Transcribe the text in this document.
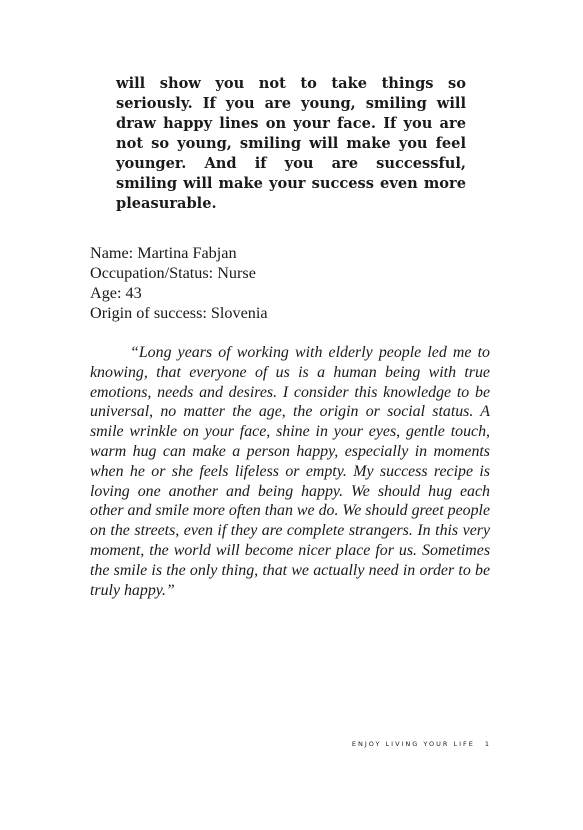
will show you not to take things so seriously. If you are young, smiling will draw happy lines on your face. If you are not so young, smiling will make you feel younger. And if you are successful, smiling will make your success even more pleasurable.

Name: Martina Fabjan
Occupation/Status: Nurse
Age: 43
Origin of success: Slovenia

“Long years of working with elderly people led me to knowing, that everyone of us is a human being with true emotions, needs and desires. I consider this knowledge to be universal, no matter the age, the origin or social status. A smile wrinkle on your face, shine in your eyes, gentle touch, warm hug can make a person happy, especially in moments when he or she feels lifeless or empty. My success recipe is loving one another and being happy. We should hug each other and smile more often than we do. We should greet people on the streets, even if they are complete strangers. In this very moment, the world will become nicer place for us. Sometimes the smile is the only thing, that we actually need in order to be truly happy.”

ENJOY LIVING YOUR LIFE 1
